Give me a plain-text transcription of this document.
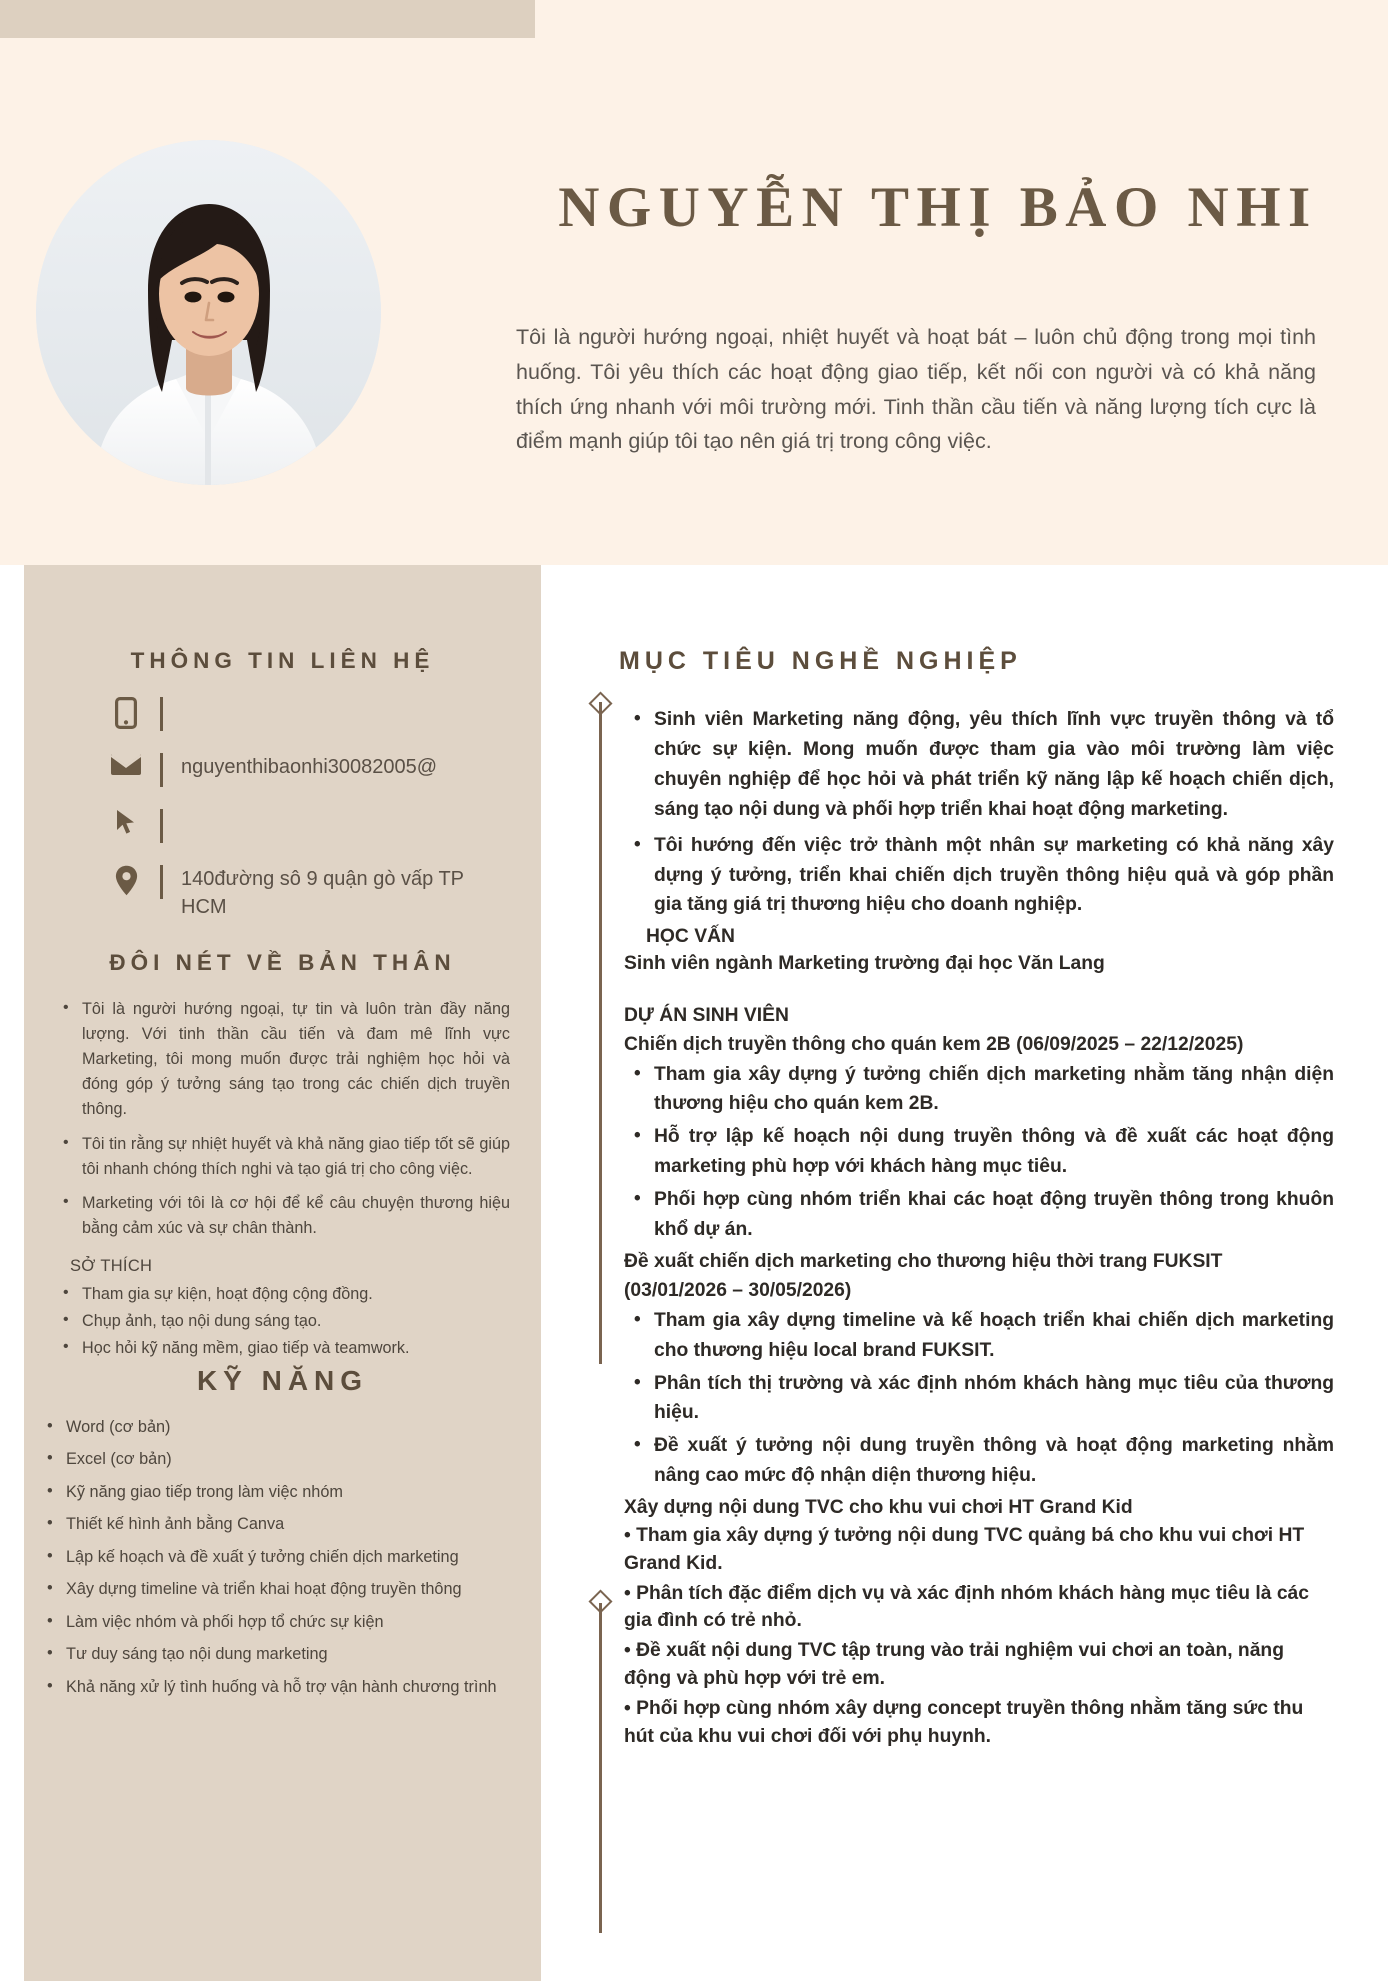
NGUYỄN THỊ BẢO NHI
Tôi là người hướng ngoại, nhiệt huyết và hoạt bát – luôn chủ động trong mọi tình huống. Tôi yêu thích các hoạt động giao tiếp, kết nối con người và có khả năng thích ứng nhanh với môi trường mới. Tinh thần cầu tiến và năng lượng tích cực là điểm mạnh giúp tôi tạo nên giá trị trong công việc.
THÔNG TIN LIÊN HỆ
nguyenthibaonhi30082005@
140đường sô 9 quận gò vấp TP HCM
ĐÔI NÉT VỀ BẢN THÂN
• Tôi là người hướng ngoại, tự tin và luôn tràn đầy năng lượng. Với tinh thần cầu tiến và đam mê lĩnh vực Marketing, tôi mong muốn được trải nghiệm học hỏi và đóng góp ý tưởng sáng tạo trong các chiến dịch truyền thông.
• Tôi tin rằng sự nhiệt huyết và khả năng giao tiếp tốt sẽ giúp tôi nhanh chóng thích nghi và tạo giá trị cho công việc.
• Marketing với tôi là cơ hội để kể câu chuyện thương hiệu bằng cảm xúc và sự chân thành.
SỞ THÍCH
• Tham gia sự kiện, hoạt động cộng đồng.
• Chụp ảnh, tạo nội dung sáng tạo.
• Học hỏi kỹ năng mềm, giao tiếp và teamwork.
KỸ NĂNG
• Word (cơ bản)
• Excel (cơ bản)
• Kỹ năng giao tiếp trong làm việc nhóm
• Thiết kế hình ảnh bằng Canva
• Lập kế hoạch và đề xuất ý tưởng chiến dịch marketing
• Xây dựng timeline và triển khai hoạt động truyền thông
• Làm việc nhóm và phối hợp tổ chức sự kiện
• Tư duy sáng tạo nội dung marketing
• Khả năng xử lý tình huống và hỗ trợ vận hành chương trình
MỤC TIÊU NGHỀ NGHIỆP
• Sinh viên Marketing năng động, yêu thích lĩnh vực truyền thông và tổ chức sự kiện. Mong muốn được tham gia vào môi trường làm việc chuyên nghiệp để học hỏi và phát triển kỹ năng lập kế hoạch chiến dịch, sáng tạo nội dung và phối hợp triển khai hoạt động marketing.
• Tôi hướng đến việc trở thành một nhân sự marketing có khả năng xây dựng ý tưởng, triển khai chiến dịch truyền thông hiệu quả và góp phần gia tăng giá trị thương hiệu cho doanh nghiệp.
HỌC VẤN
Sinh viên ngành Marketing trường đại học Văn Lang
DỰ ÁN SINH VIÊN
Chiến dịch truyền thông cho quán kem 2B (06/09/2025 – 22/12/2025)
• Tham gia xây dựng ý tưởng chiến dịch marketing nhằm tăng nhận diện thương hiệu cho quán kem 2B.
• Hỗ trợ lập kế hoạch nội dung truyền thông và đề xuất các hoạt động marketing phù hợp với khách hàng mục tiêu.
• Phối hợp cùng nhóm triển khai các hoạt động truyền thông trong khuôn khổ dự án.
Đề xuất chiến dịch marketing cho thương hiệu thời trang FUKSIT
(03/01/2026 – 30/05/2026)
• Tham gia xây dựng timeline và kế hoạch triển khai chiến dịch marketing cho thương hiệu local brand FUKSIT.
• Phân tích thị trường và xác định nhóm khách hàng mục tiêu của thương hiệu.
• Đề xuất ý tưởng nội dung truyền thông và hoạt động marketing nhằm nâng cao mức độ nhận diện thương hiệu.
Xây dựng nội dung TVC cho khu vui chơi HT Grand Kid
• Tham gia xây dựng ý tưởng nội dung TVC quảng bá cho khu vui chơi HT Grand Kid.
• Phân tích đặc điểm dịch vụ và xác định nhóm khách hàng mục tiêu là các gia đình có trẻ nhỏ.
• Đề xuất nội dung TVC tập trung vào trải nghiệm vui chơi an toàn, năng động và phù hợp với trẻ em.
• Phối hợp cùng nhóm xây dựng concept truyền thông nhằm tăng sức thu hút của khu vui chơi đối với phụ huynh.
